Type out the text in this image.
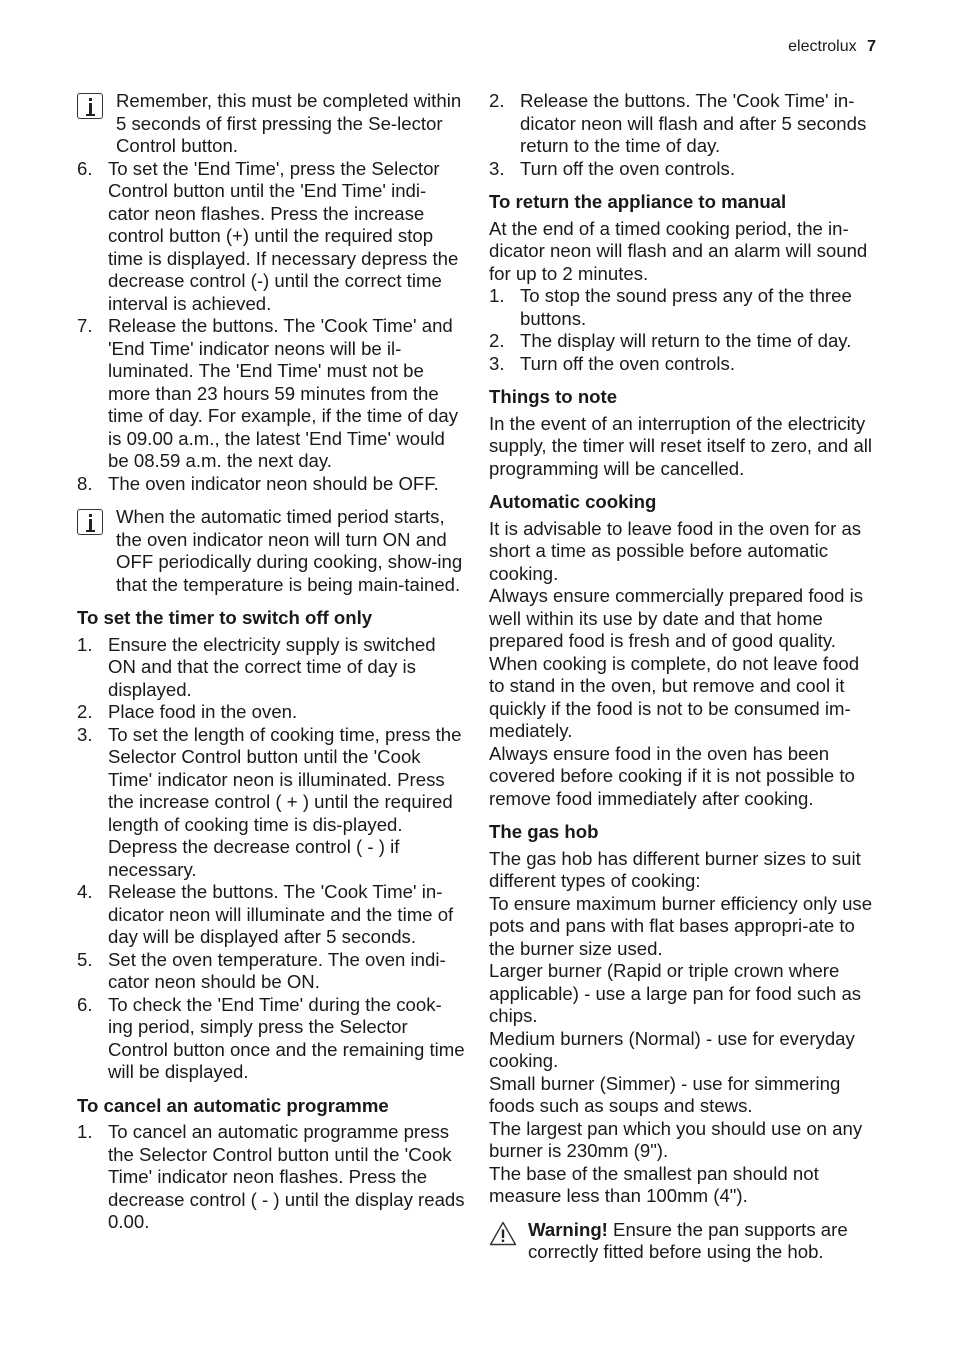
electrolux 7

Remember, this must be completed within 5 seconds of first pressing the Se-lector Control button.

6. To set the 'End Time', press the Selector Control button until the 'End Time' indi-cator neon flashes. Press the increase control button (+) until the required stop time is displayed. If necessary depress the decrease control (-) until the correct time interval is achieved.
7. Release the buttons. The 'Cook Time' and 'End Time' indicator neons will be il-luminated. The 'End Time' must not be more than 23 hours 59 minutes from the time of day. For example, if the time of day is 09.00 a.m., the latest 'End Time' would be 08.59 a.m. the next day.
8. The oven indicator neon should be OFF.

When the automatic timed period starts, the oven indicator neon will turn ON and OFF periodically during cooking, show-ing that the temperature is being main-tained.

To set the timer to switch off only

1. Ensure the electricity supply is switched ON and that the correct time of day is displayed.
2. Place food in the oven.
3. To set the length of cooking time, press the Selector Control button until the 'Cook Time' indicator neon is illuminated. Press the increase control ( + ) until the required length of cooking time is dis-played. Depress the decrease control ( - ) if necessary.
4. Release the buttons. The 'Cook Time' in-dicator neon will illuminate and the time of day will be displayed after 5 seconds.
5. Set the oven temperature. The oven indi-cator neon should be ON.
6. To check the 'End Time' during the cook-ing period, simply press the Selector Control button once and the remaining time will be displayed.

To cancel an automatic programme

1. To cancel an automatic programme press the Selector Control button until the 'Cook Time' indicator neon flashes. Press the decrease control ( - ) until the display reads 0.00.
2. Release the buttons. The 'Cook Time' in-dicator neon will flash and after 5 seconds return to the time of day.
3. Turn off the oven controls.

To return the appliance to manual

At the end of a timed cooking period, the in-dicator neon will flash and an alarm will sound for up to 2 minutes.

1. To stop the sound press any of the three buttons.
2. The display will return to the time of day.
3. Turn off the oven controls.

Things to note

In the event of an interruption of the electricity supply, the timer will reset itself to zero, and all programming will be cancelled.

Automatic cooking

It is advisable to leave food in the oven for as short a time as possible before automatic cooking.

Always ensure commercially prepared food is well within its use by date and that home prepared food is fresh and of good quality.

When cooking is complete, do not leave food to stand in the oven, but remove and cool it quickly if the food is not to be consumed im-mediately.

Always ensure food in the oven has been covered before cooking if it is not possible to remove food immediately after cooking.

The gas hob

The gas hob has different burner sizes to suit different types of cooking:

To ensure maximum burner efficiency only use pots and pans with flat bases appropri-ate to the burner size used.

Larger burner (Rapid or triple crown where applicable) - use a large pan for food such as chips.

Medium burners (Normal) - use for everyday cooking.

Small burner (Simmer) - use for simmering foods such as soups and stews.

The largest pan which you should use on any burner is 230mm (9").

The base of the smallest pan should not measure less than 100mm (4").

Warning! Ensure the pan supports are correctly fitted before using the hob.
